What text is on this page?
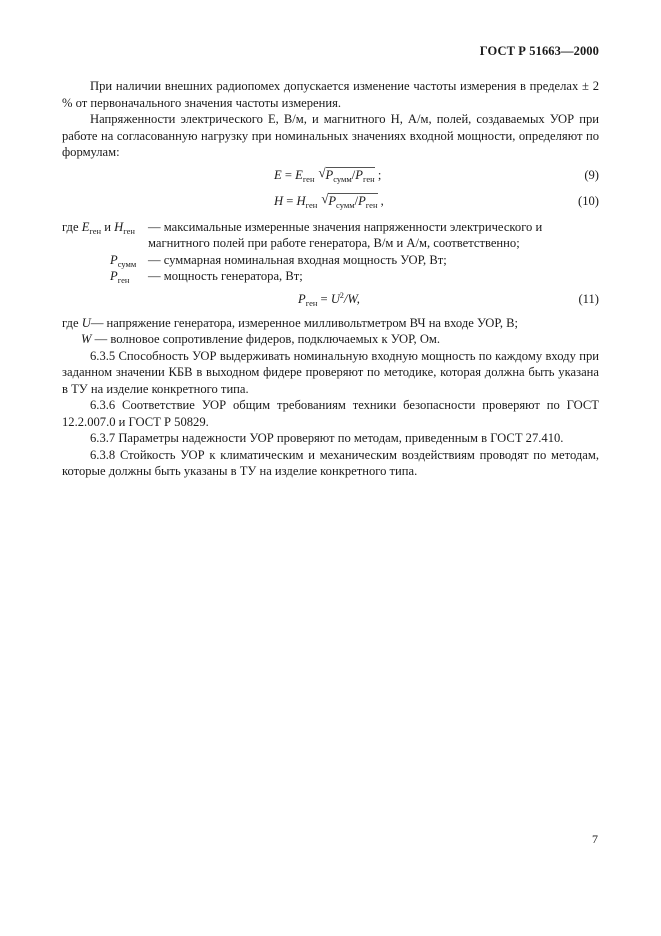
ГОСТ Р 51663—2000

При наличии внешних радиопомех допускается изменение частоты измерения в пределах ± 2 % от первоначального значения частоты измерения.

Напряженности электрического E, В/м, и магнитного H, А/м, полей, создаваемых УОР при работе на согласованную нагрузку при номинальных значениях входной мощности, определяют по формулам:

$E = E_{ген}$ √ $P_{сумм}/P_{ген}$ ;	(9)
$H = H_{ген}$ √ $P_{сумм}/P_{ген}$ ,	(10)
где $E_{ген}$ и $H_{ген}$	— максимальные измеренные значения напряженности электрического и магнитного полей при работе генератора, В/м и А/м, соответственно;
$P_{сумм}$ — суммарная номинальная входная мощность УОР, Вт;
$P_{ген}$	— мощность генератора, Вт;
$P_{ген} = U^2/W$,	(11)
где U— напряжение генератора, измеренное милливольтметром ВЧ на входе УОР, В;
W — волновое сопротивление фидеров, подключаемых к УОР, Ом.

6.3.5 Способность УОР выдерживать номинальную входную мощность по каждому входу при заданном значении КБВ в выходном фидере проверяют по методике, которая должна быть указана в ТУ на изделие конкретного типа.

6.3.6 Соответствие УОР общим требованиям техники безопасности проверяют по ГОСТ 12.2.007.0 и ГОСТ Р 50829.

6.3.7 Параметры надежности УОР проверяют по методам, приведенным в ГОСТ 27.410.

6.3.8 Стойкость УОР к климатическим и механическим воздействиям проводят по методам, которые должны быть указаны в ТУ на изделие конкретного типа.

7
